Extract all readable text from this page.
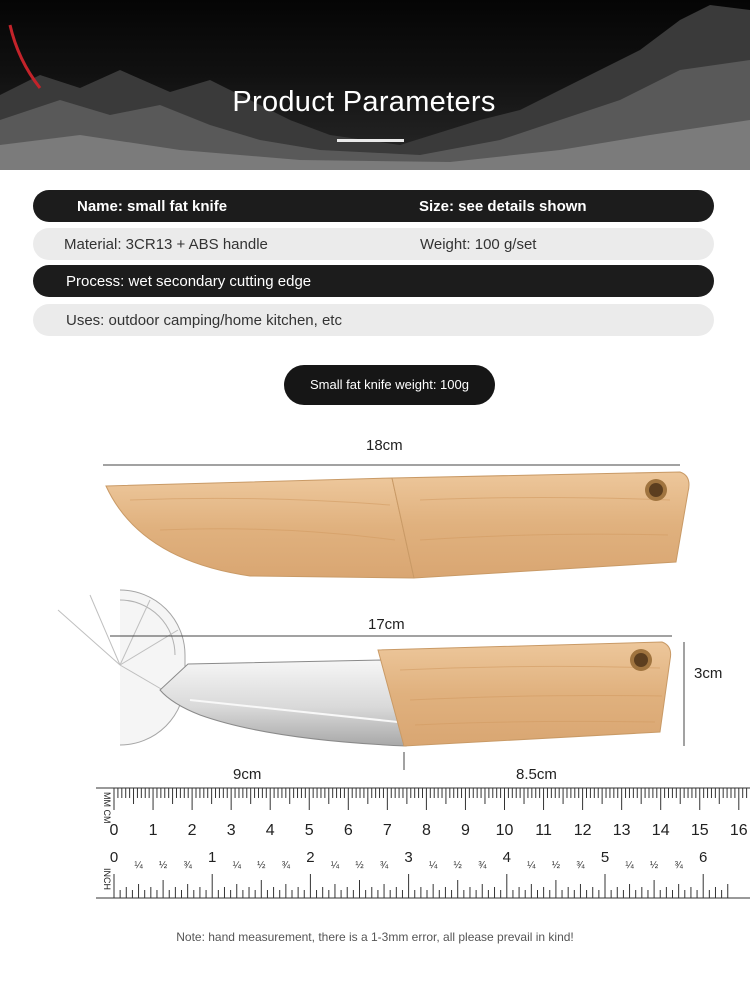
Product Parameters
Name: small fat knife	Size: see details shown
Material: 3CR13 + ABS handle	Weight: 100 g/set
Process: wet secondary cutting edge
Uses: outdoor camping/home kitchen, etc
Small fat knife weight: 100g
0 1 2 3 4 5 6 7 8 9 10 11 12 13 14 15 16
MM CM
0 ¼ ½ ¾ 1 ¼ ½ ¾ 2 ¼ ½ ¾ 3 ¼ ½ ¾ 4 ¼ ½ ¾ 5 ¼ ½ ¾ 6
INCH
18cm
17cm
3cm
9cm	8.5cm
Note: hand measurement, there is a 1-3mm error, all please prevail in kind!
